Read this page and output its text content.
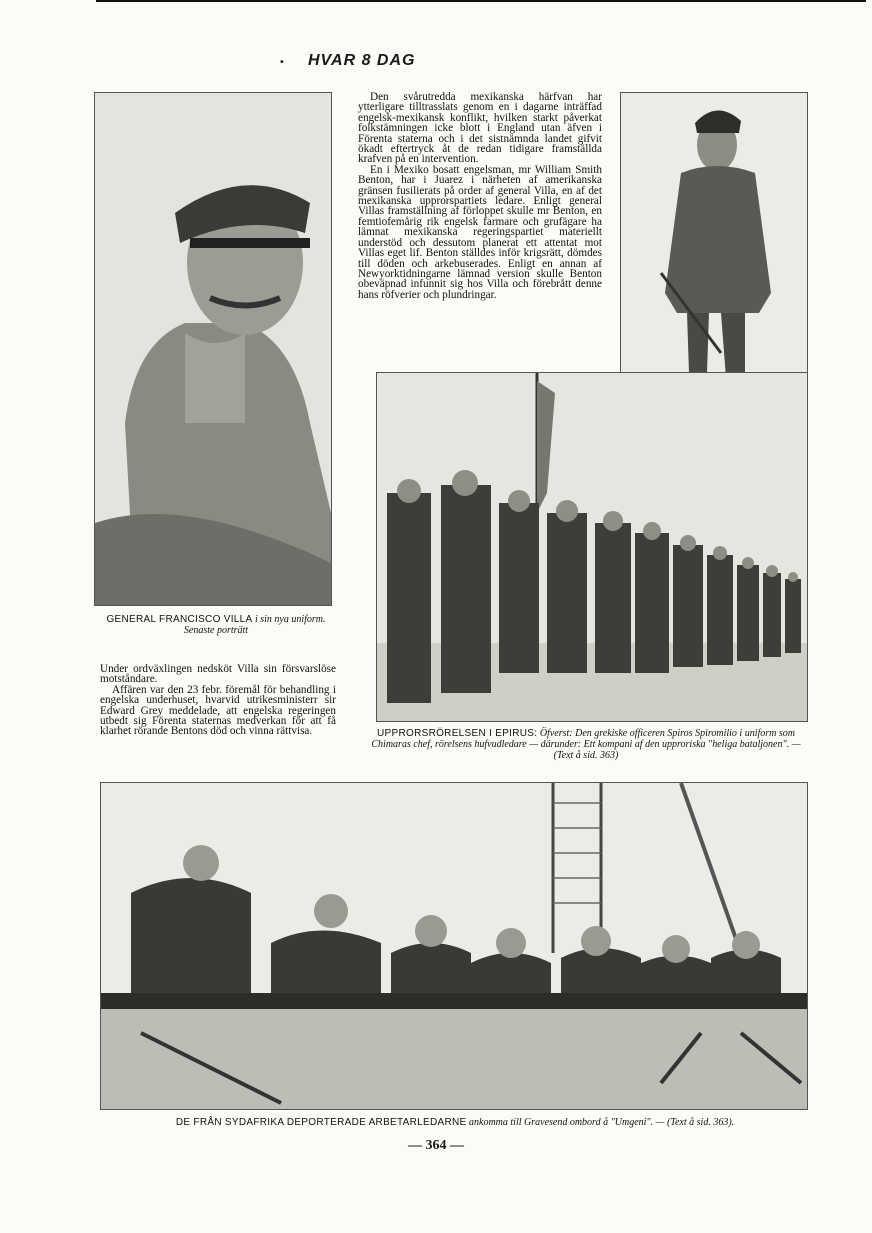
• HVAR 8 DAG

Den svårutredda mexikanska härfvan har ytterligare tilltrasslats genom en i dagarne inträffad engelsk-mexikansk konflikt, hvilken starkt påverkat folkstämningen icke blott i England utan äfven i Förenta staterna och i det sistnämnda landet gifvit ökadt eftertryck åt de redan tidigare framställda krafven på en intervention.

En i Mexiko bosatt engelsman, mr William Smith Benton, har i Juarez i närheten af amerikanska gränsen fusilierats på order af general Villa, en af det mexikanska upprorspartiets ledare. Enligt general Villas framställning af förloppet skulle mr Benton, en femtiofemårig rik engelsk farmare och grufägare ha lämnat mexikanska regeringspartiet materiellt understöd och dessutom planerat ett attentat mot Villas eget lif. Benton ställdes inför krigsrätt, dömdes till döden och arkebuserades. Enligt en annan af Newyorktidningarne lämnad version skulle Benton obeväpnad infunnit sig hos Villa och förebrått denne hans röfverier och plundringar.

GENERAL FRANCISCO VILLA i sin nya uniform.
Senaste porträtt

Under ordväxlingen nedsköt Villa sin försvarslöse motståndare.

Affären var den 23 febr. föremål för behandling i engelska underhuset, hvarvid utrikesministerr sir Edward Grey meddelade, att engelska regeringen utbedt sig Förenta staternas medverkan för att få klarhet rörande Bentons död och vinna rättvisa.	UPPRORSRÖRELSEN I EPIRUS: Öfverst: Den grekiske officeren Spiros Spiromilio i uniform som Chimaras chef, rörelsens hufvudledare — därunder: Ett kompani af den upproriska "heliga bataljonen". — (Text å sid. 363)
DE FRÅN SYDAFRIKA DEPORTERADE ARBETARLEDARNE ankomma till Gravesend ombord å "Umgeni". — (Text å sid. 363).
— 364 —
